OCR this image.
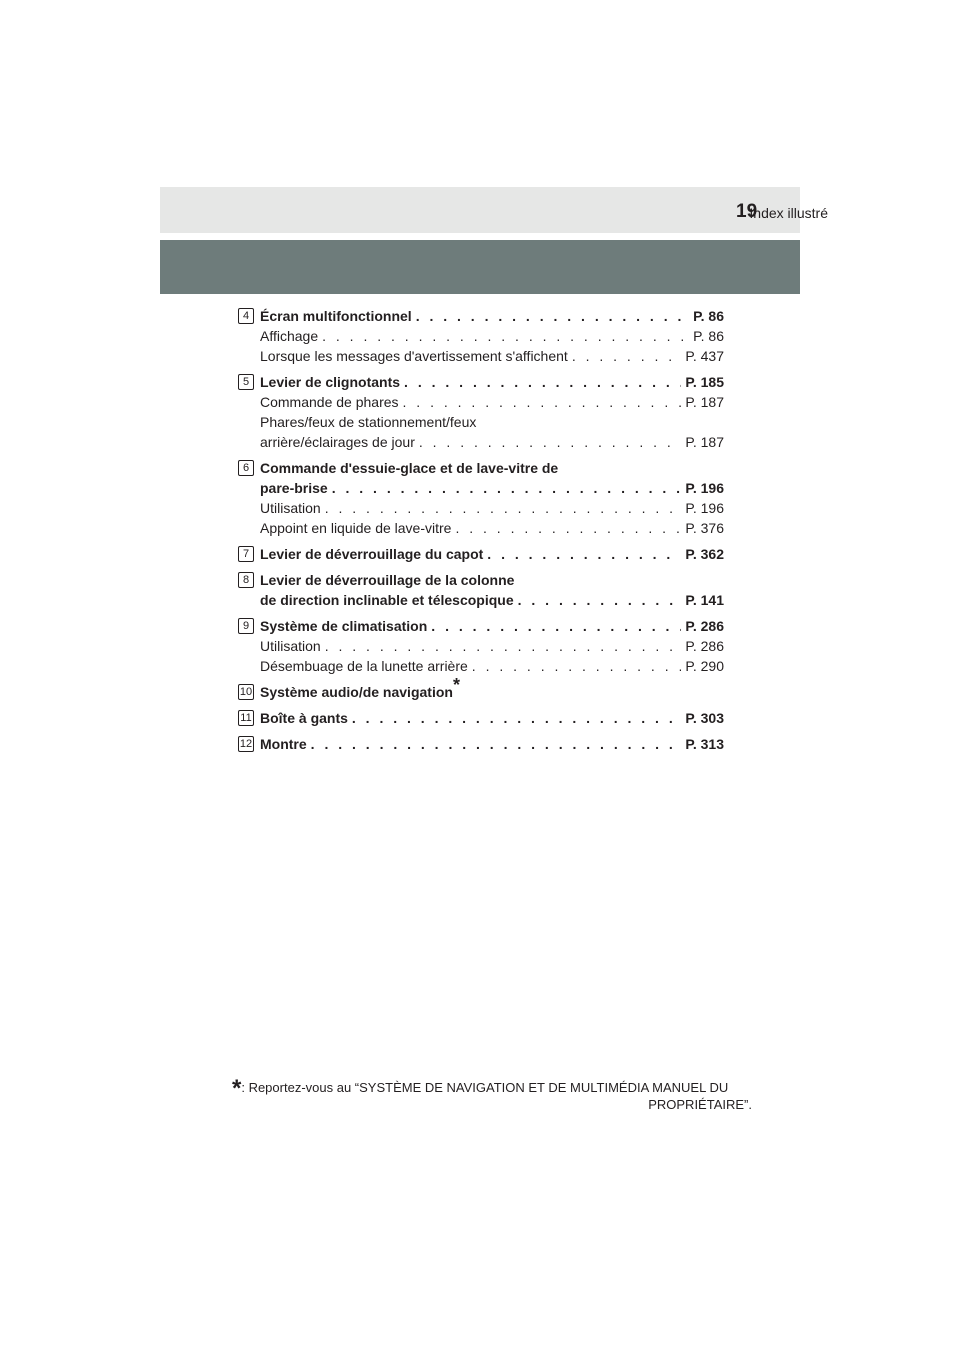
Index illustré
19
4 Écran multifonctionnel . . .	P. 86
Affichage . . .	P. 86
Lorsque les messages d'avertissement s'affichent . . .	P. 437
5 Levier de clignotants . . .	P. 185
Commande de phares . . .	P. 187
Phares/feux de stationnement/feux
arrière/éclairages de jour . . .	P. 187
6 Commande d'essuie-glace et de lave-vitre de
pare-brise . . .	P. 196
Utilisation . . .	P. 196
Appoint en liquide de lave-vitre . . .	P. 376
7 Levier de déverrouillage du capot . . .	P. 362
8 Levier de déverrouillage de la colonne
de direction inclinable et télescopique . . .	P. 141
9 Système de climatisation . . .	P. 286
Utilisation . . .	P. 286
Désembuage de la lunette arrière . . .	P. 290
10 Système audio/de navigation*
11 Boîte à gants . . .	P. 303
12 Montre . . .	P. 313
*: Reportez-vous au “SYSTÈME DE NAVIGATION ET DE MULTIMÉDIA MANUEL DU
PROPRIÉTAIRE”.
